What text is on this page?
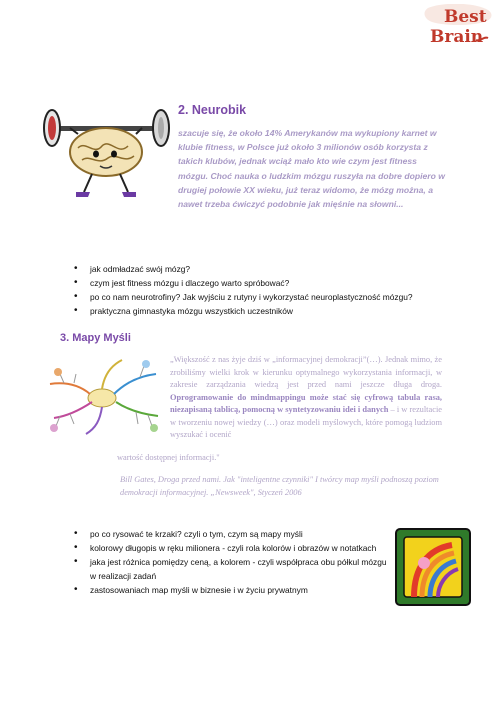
Best
Brain
2. Neurobik
szacuje się, że około 14% Amerykanów ma wykupiony karnet w klubie fitness, w Polsce już około 3 milionów osób korzysta z takich klubów, jednak wciąż mało kto wie czym jest fitness mózgu. Choć nauka o ludzkim mózgu ruszyła na dobre dopiero w drugiej połowie XX wieku, już teraz widomo, że mózg można, a nawet trzeba ćwiczyć podobnie jak mięśnie na słowni...
• jak odmładzać swój mózg?
• czym jest fitness mózgu i dlaczego warto spróbować?
• po co nam neurotrofiny? Jak wyjściu z rutyny i wykorzystać neuroplastyczność mózgu?
• praktyczna gimnastyka mózgu wszystkich uczestników
3. Mapy Myśli
„Większość z nas żyje dziś w „informacyjnej demokracji”(…). Jednak mimo, że zrobiliśmy wielki krok w kierunku optymalnego wykorzystania informacji, w zakresie zarządzania wiedzą jest przed nami jeszcze długa droga. Oprogramowanie do mindmappingu może stać się cyfrową tabula rasa, niezapisaną tablicą, pomocną w syntetyzowaniu idei i danych – i w rezultacie w tworzeniu nowej wiedzy (…) oraz modeli myślowych, które pomogą ludziom wyszukać i ocenić
wartość dostępnej informacji."
Bill Gates, Droga przed nami. Jak "inteligentne czynniki" I twórcy map myśli podnoszą poziom demokracji informacyjnej. „Newsweek", Styczeń 2006
• po co rysować te krzaki? czyli o tym, czym są mapy myśli
• kolorowy długopis w ręku milionera - czyli rola kolorów i obrazów w notatkach
• jaka jest różnica pomiędzy ceną, a kolorem - czyli współpraca obu półkul mózgu w realizacji zadań
• zastosowaniach map myśli w biznesie i w życiu prywatnym
